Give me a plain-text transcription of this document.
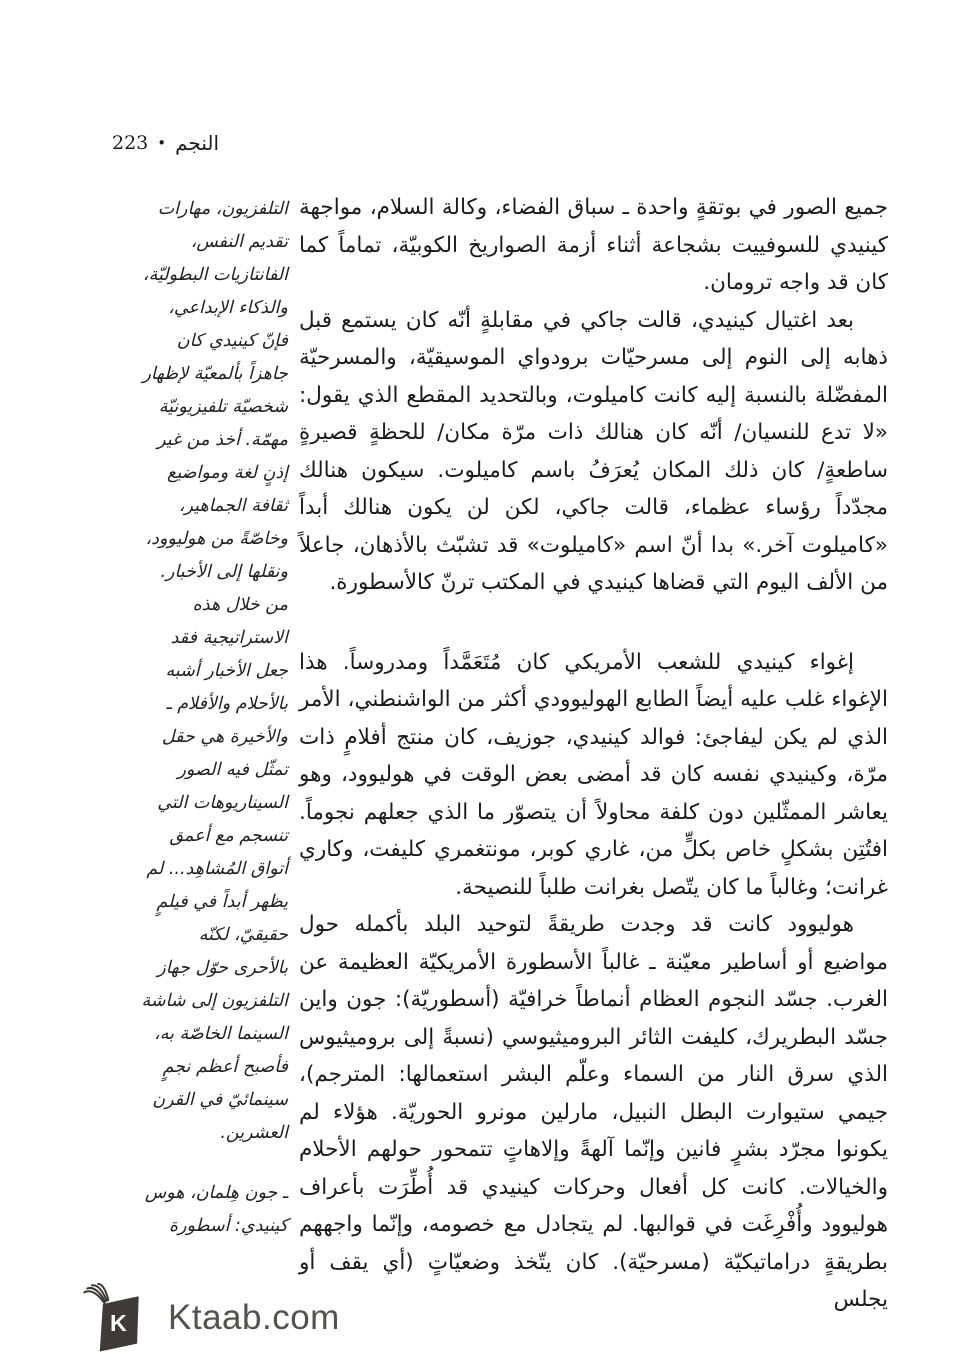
النجم
•
223
التلفزيون، مهارات
تقديم النفس،
الفانتازيات البطوليّة،
والذكاء الإبداعي،
فإنّ كينيدي كان
جاهزاً بألمعيّة لإظهار
شخصيّة تلفيزيونيّة
مهمّة. أخذ من غير
إذنٍ لغة ومواضيع
ثقافة الجماهير،
وخاصّةً من هوليوود،
ونقلها إلى الأخبار.
من خلال هذه
الاستراتيجية فقد
جعل الأخبار أشبه
بالأحلام والأفلام ـ
والأخيرة هي حقل
تمثّل فيه الصور
السيناريوهات التي
تنسجم مع أعمق
أتواق المُشاهِد... لم
يظهر أبداً في فيلمٍ
حقيقيّ، لكنّه
بالأحرى حوّل جهاز
التلفزيون إلى شاشة
السينما الخاصّة به،
فأصبح أعظم نجمٍ
سينمائيّ في القرن
العشرين.
ـ جون هِلمان، هوس
كينيدي: أسطورة

جميع الصور في بوتقةٍ واحدة ـ سباق الفضاء، وكالة السلام، مواجهة كينيدي للسوفييت بشجاعة أثناء أزمة الصواريخ الكوبيّة، تماماً كما كان قد واجه ترومان.

بعد اغتيال كينيدي، قالت جاكي في مقابلةٍ أنّه كان يستمع قبل ذهابه إلى النوم إلى مسرحيّات برودواي الموسيقيّة، والمسرحيّة المفضّلة بالنسبة إليه كانت كاميلوت، وبالتحديد المقطع الذي يقول: «لا تدع للنسيان/ أنّه كان هنالك ذات مرّة مكان/ للحظةٍ قصيرةٍ ساطعةٍ/ كان ذلك المكان يُعرَفُ باسم كاميلوت. سيكون هنالك مجدّداً رؤساء عظماء، قالت جاكي، لكن لن يكون هنالك أبداً «كاميلوت آخر.» بدا أنّ اسم «كاميلوت» قد تشبّث بالأذهان، جاعلاً من الألف اليوم التي قضاها كينيدي في المكتب ترنّ كالأسطورة.

إغواء كينيدي للشعب الأمريكي كان مُتَعَمَّداً ومدروساً. هذا الإغواء غلب عليه أيضاً الطابع الهوليوودي أكثر من الواشنطني، الأمر الذي لم يكن ليفاجئ: فوالد كينيدي، جوزيف، كان منتج أفلامٍ ذات مرّة، وكينيدي نفسه كان قد أمضى بعض الوقت في هوليوود، وهو يعاشر الممثّلين دون كلفة محاولاً أن يتصوّر ما الذي جعلهم نجوماً. افتُتِن بشكلٍ خاص بكلٍّ من، غاري كوبر، مونتغمري كليفت، وكاري غرانت؛ وغالباً ما كان يتّصل بغرانت طلباً للنصيحة.

هوليوود كانت قد وجدت طريقةً لتوحيد البلد بأكمله حول مواضيع أو أساطير معيّنة ـ غالباً الأسطورة الأمريكيّة العظيمة عن الغرب. جسّد النجوم العظام أنماطاً خرافيّة (أسطوريّة): جون واين جسّد البطريرك، كليفت الثائر البروميثيوسي (نسبةً إلى بروميثيوس الذي سرق النار من السماء وعلّم البشر استعمالها: المترجم)، جيمي ستيوارت البطل النبيل، مارلين مونرو الحوريّة. هؤلاء لم يكونوا مجرّد بشرٍ فانين وإنّما آلهةً وإلاهاتٍ تتمحور حولهم الأحلام والخيالات. كانت كل أفعال وحركات كينيدي قد أُطِّرَت بأعراف هوليوود وأُفْرِغَت في قوالبها. لم يتجادل مع خصومه، وإنّما واجههم بطريقةٍ دراماتيكيّة (مسرحيّة). كان يتّخذ وضعيّاتٍ (أي يقف أو يجلس

K Ktaab.com
